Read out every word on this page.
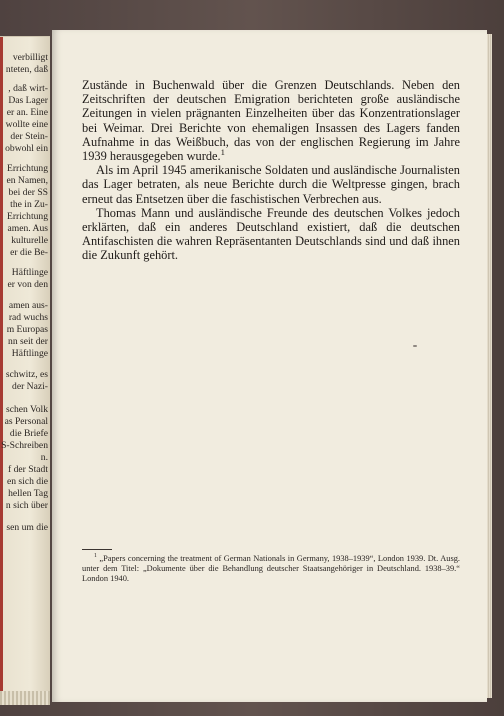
verbilligt
nteten, daß
, daß wirt-
Das Lager
er an. Eine
wollte eine
der Stein-
obwohl ein
Errichtung
en Namen,
bei der SS
the in Zu-
Errichtung
amen. Aus
kulturelle
er die Be-
Häftlinge
er von den
amen aus-
rad wuchs
m Europas
nn seit der
Häftlinge
schwitz, es
der Nazi-
schen Volk
as Personal
die Briefe
S-Schreiben
n.
f der Stadt
en sich die
hellen Tag
n sich über
sen um die

Zustände in Buchenwald über die Grenzen Deutschlands. Neben den Zeitschriften der deutschen Emigration berichteten große ausländische Zeitungen in vielen prägnanten Einzelheiten über das Konzentrationslager bei Weimar. Drei Berichte von ehemaligen Insassen des Lagers fanden Aufnahme in das Weißbuch, das von der englischen Regierung im Jahre 1939 herausgegeben wurde.$^1$

Als im April 1945 amerikanische Soldaten und ausländische Journalisten das Lager betraten, als neue Berichte durch die Weltpresse gingen, brach erneut das Entsetzen über die faschistischen Verbrechen aus.

Thomas Mann und ausländische Freunde des deutschen Volkes jedoch erklärten, daß ein anderes Deutschland existiert, daß die deutschen Antifaschisten die wahren Repräsentanten Deutschlands sind und daß ihnen die Zukunft gehört.

$^1$ „Papers concerning the treatment of German Nationals in Germany, 1938–1939“, London 1939. Dt. Ausg. unter dem Titel: „Dokumente über die Behandlung deutscher Staatsangehöriger in Deutschland. 1938–39.“ London 1940.
